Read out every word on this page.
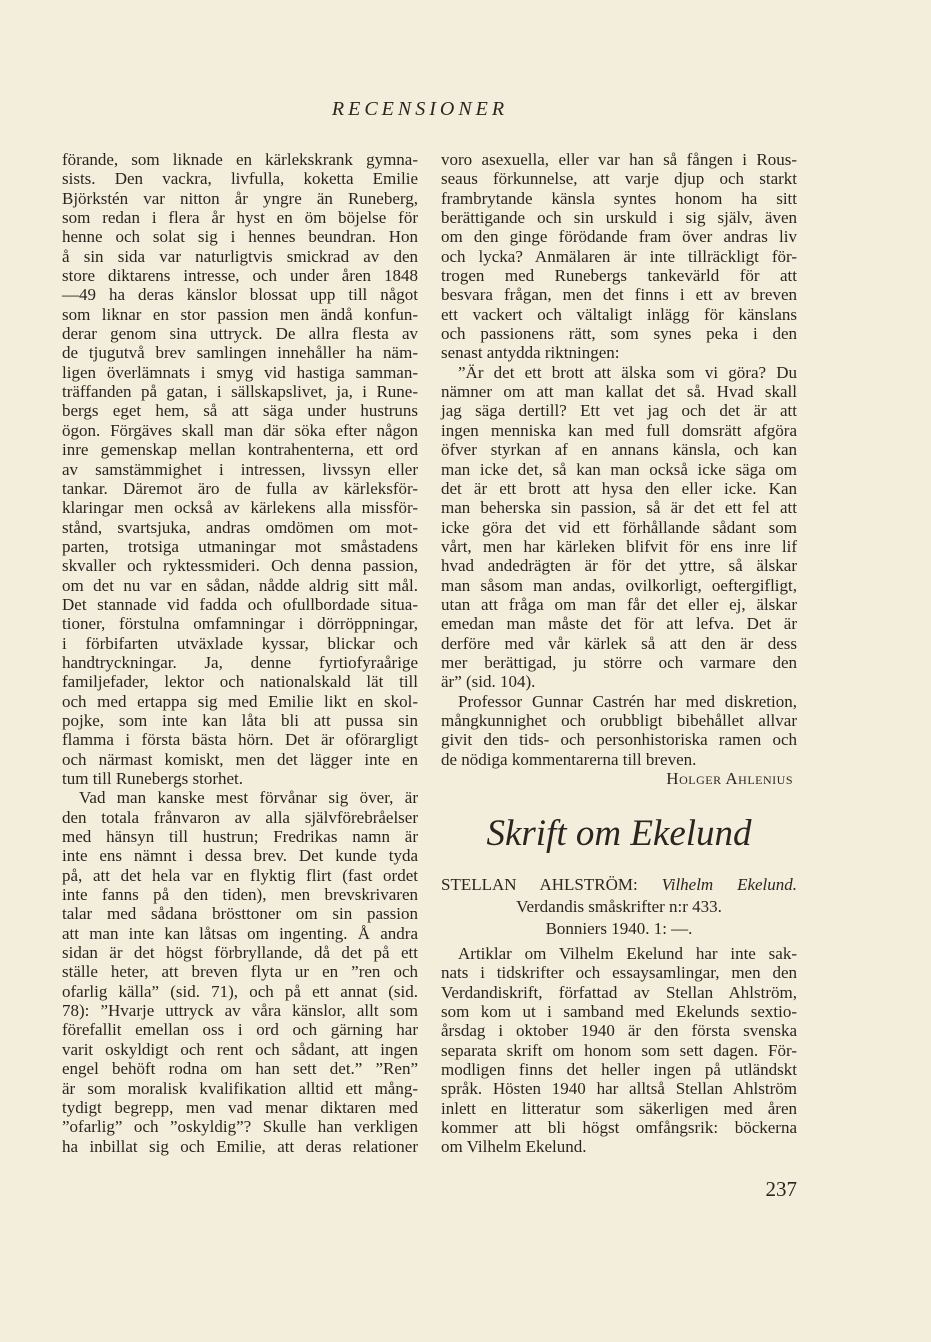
RECENSIONER
förande, som liknade en kärlekskrank gymna-
sists. Den vackra, livfulla, koketta Emilie
Björkstén var nitton år yngre än Runeberg,
som redan i flera år hyst en öm böjelse för
henne och solat sig i hennes beundran. Hon
å sin sida var naturligtvis smickrad av den
store diktarens intresse, och under åren 1848
—49 ha deras känslor blossat upp till något
som liknar en stor passion men ändå konfun-
derar genom sina uttryck. De allra flesta av
de tjugutvå brev samlingen innehåller ha näm-
ligen överlämnats i smyg vid hastiga samman-
träffanden på gatan, i sällskapslivet, ja, i Rune-
bergs eget hem, så att säga under hustruns
ögon. Förgäves skall man där söka efter någon
inre gemenskap mellan kontrahenterna, ett ord
av samstämmighet i intressen, livssyn eller
tankar. Däremot äro de fulla av kärleksför-
klaringar men också av kärlekens alla missför-
stånd, svartsjuka, andras omdömen om mot-
parten, trotsiga utmaningar mot småstadens
skvaller och ryktessmideri. Och denna passion,
om det nu var en sådan, nådde aldrig sitt mål.
Det stannade vid fadda och ofullbordade situa-
tioner, förstulna omfamningar i dörröppningar,
i förbifarten utväxlade kyssar, blickar och
handtryckningar. Ja, denne fyrtiofyraårige
familjefader, lektor och nationalskald lät till
och med ertappa sig med Emilie likt en skol-
pojke, som inte kan låta bli att pussa sin
flamma i första bästa hörn. Det är oförargligt
och närmast komiskt, men det lägger inte en
tum till Runebergs storhet.
Vad man kanske mest förvånar sig över, är
den totala frånvaron av alla självförebråelser
med hänsyn till hustrun; Fredrikas namn är
inte ens nämnt i dessa brev. Det kunde tyda
på, att det hela var en flyktig flirt (fast ordet
inte fanns på den tiden), men brevskrivaren
talar med sådana brösttoner om sin passion
att man inte kan låtsas om ingenting. Å andra
sidan är det högst förbryllande, då det på ett
ställe heter, att breven flyta ur en ”ren och
ofarlig källa” (sid. 71), och på ett annat (sid.
78): ”Hvarje uttryck av våra känslor, allt som
förefallit emellan oss i ord och gärning har
varit oskyldigt och rent och sådant, att ingen
engel behöft rodna om han sett det.” ”Ren”
är som moralisk kvalifikation alltid ett mång-
tydigt begrepp, men vad menar diktaren med
”ofarlig” och ”oskyldig”? Skulle han verkligen
ha inbillat sig och Emilie, att deras relationer
voro asexuella, eller var han så fången i Rous-
seaus förkunnelse, att varje djup och starkt
frambrytande känsla syntes honom ha sitt
berättigande och sin urskuld i sig själv, även
om den ginge förödande fram över andras liv
och lycka? Anmälaren är inte tillräckligt för-
trogen med Runebergs tankevärld för att
besvara frågan, men det finns i ett av breven
ett vackert och vältaligt inlägg för känslans
och passionens rätt, som synes peka i den
senast antydda riktningen:
”Är det ett brott att älska som vi göra? Du
nämner om att man kallat det så. Hvad skall
jag säga dertill? Ett vet jag och det är att
ingen menniska kan med full domsrätt afgöra
öfver styrkan af en annans känsla, och kan
man icke det, så kan man också icke säga om
det är ett brott att hysa den eller icke. Kan
man beherska sin passion, så är det ett fel att
icke göra det vid ett förhållande sådant som
vårt, men har kärleken blifvit för ens inre lif
hvad andedrägten är för det yttre, så älskar
man såsom man andas, ovilkorligt, oeftergifligt,
utan att fråga om man får det eller ej, älskar
emedan man måste det för att lefva. Det är
derföre med vår kärlek så att den är dess
mer berättigad, ju större och varmare den
är” (sid. 104).
Professor Gunnar Castrén har med diskretion,
mångkunnighet och orubbligt bibehållet allvar
givit den tids- och personhistoriska ramen och
de nödiga kommentarerna till breven.
Holger Ahlenius
Skrift om Ekelund
STELLAN AHLSTRÖM: Vilhelm Ekelund.
Verdandis småskrifter n:r 433.
Bonniers 1940. 1: —.
Artiklar om Vilhelm Ekelund har inte sak-
nats i tidskrifter och essaysamlingar, men den
Verdandiskrift, författad av Stellan Ahlström,
som kom ut i samband med Ekelunds sextio-
årsdag i oktober 1940 är den första svenska
separata skrift om honom som sett dagen. För-
modligen finns det heller ingen på utländskt
språk. Hösten 1940 har alltså Stellan Ahlström
inlett en litteratur som säkerligen med åren
kommer att bli högst omfångsrik: böckerna
om Vilhelm Ekelund.
237
